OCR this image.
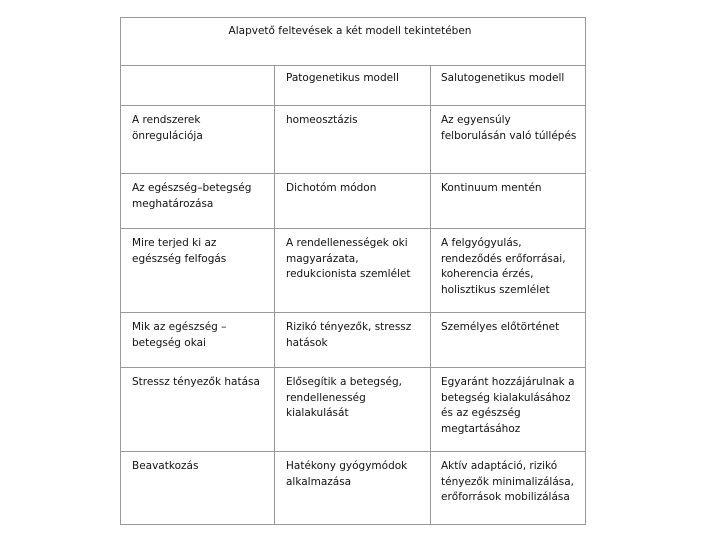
Alapvető feltevések a két modell tekintetében		
	Patogenetikus modell	Salutogenetikus modell
A rendszerek önregulációja	homeosztázis	Az egyensúly felborulásán való túllépés
Az egészség–betegség meghatározása	Dichotóm módon	Kontinuum mentén
Mire terjed ki az egészség felfogás	A rendellenességek oki magyarázata, redukcionista szemlélet	A felgyógyulás, rendeződés erőforrásai, koherencia érzés, holisztikus szemlélet
Mik az egészség – betegség okai	Rizikó tényezők, stressz hatások	Személyes előtörténet
Stressz tényezők hatása	Elősegítik a betegség, rendellenesség kialakulását	Egyaránt hozzájárulnak a betegség kialakulásához és az egészség megtartásához
Beavatkozás	Hatékony gyógymódok alkalmazása	Aktív adaptáció, rizikó tényezők minimalizálása, erőforrások mobilizálása
